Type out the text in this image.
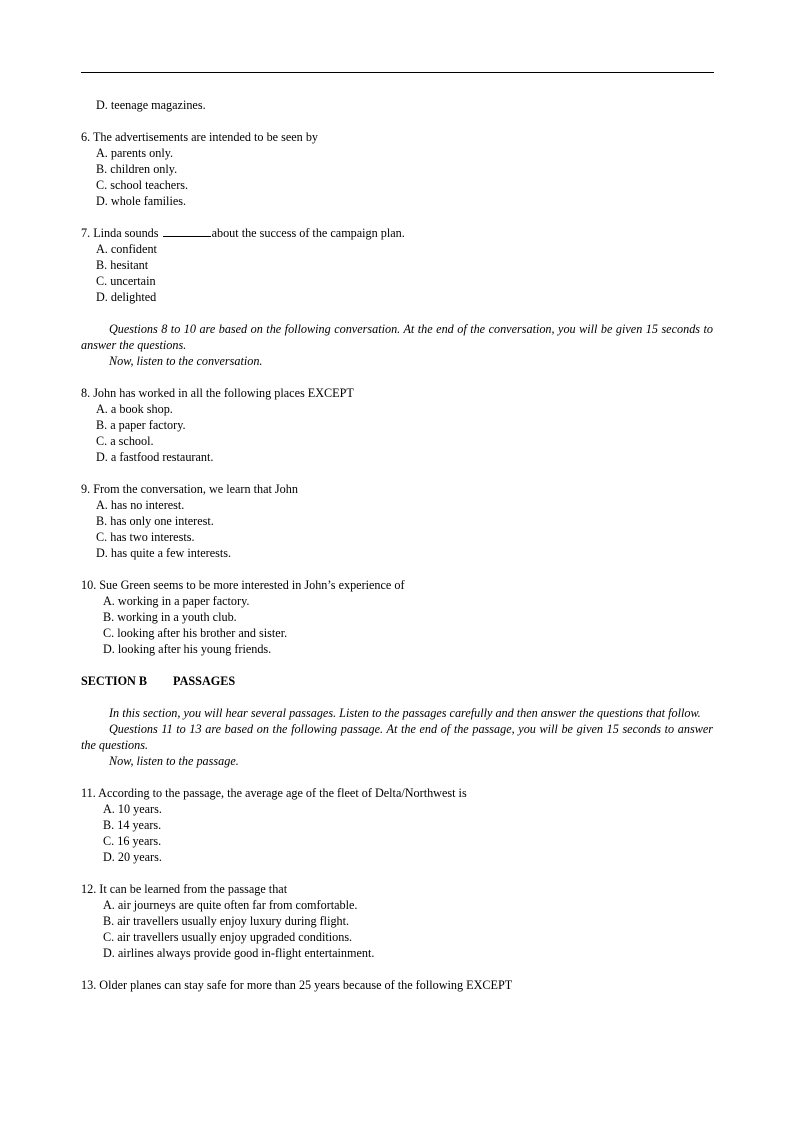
D. teenage magazines.
6. The advertisements are intended to be seen by
A. parents only.
B. children only.
C. school teachers.
D. whole families.
7. Linda sounds	about the success of the campaign plan.
A. confident
B. hesitant
C. uncertain
D. delighted
Questions 8 to 10 are based on the following conversation. At the end of the conversation, you will be given 15 seconds to answer the questions.
Now, listen to the conversation.
8. John has worked in all the following places EXCEPT
A. a book shop.
B. a paper factory.
C. a school.
D. a fastfood restaurant.
9. From the conversation, we learn that John
A. has no interest.
B. has only one interest.
C. has two interests.
D. has quite a few interests.
10. Sue Green seems to be more interested in John’s experience of
A. working in a paper factory.
B. working in a youth club.
C. looking after his brother and sister.
D. looking after his young friends.
SECTION B PASSAGES
In this section, you will hear several passages. Listen to the passages carefully and then answer the questions that follow.
Questions 11 to 13 are based on the following passage. At the end of the passage, you will be given 15 seconds to answer the questions.
Now, listen to the passage.
11. According to the passage, the average age of the fleet of Delta/Northwest is
A. 10 years.
B. 14 years.
C. 16 years.
D. 20 years.
12. It can be learned from the passage that
A. air journeys are quite often far from comfortable.
B. air travellers usually enjoy luxury during flight.
C. air travellers usually enjoy upgraded conditions.
D. airlines always provide good in-flight entertainment.
13. Older planes can stay safe for more than 25 years because of the following EXCEPT
